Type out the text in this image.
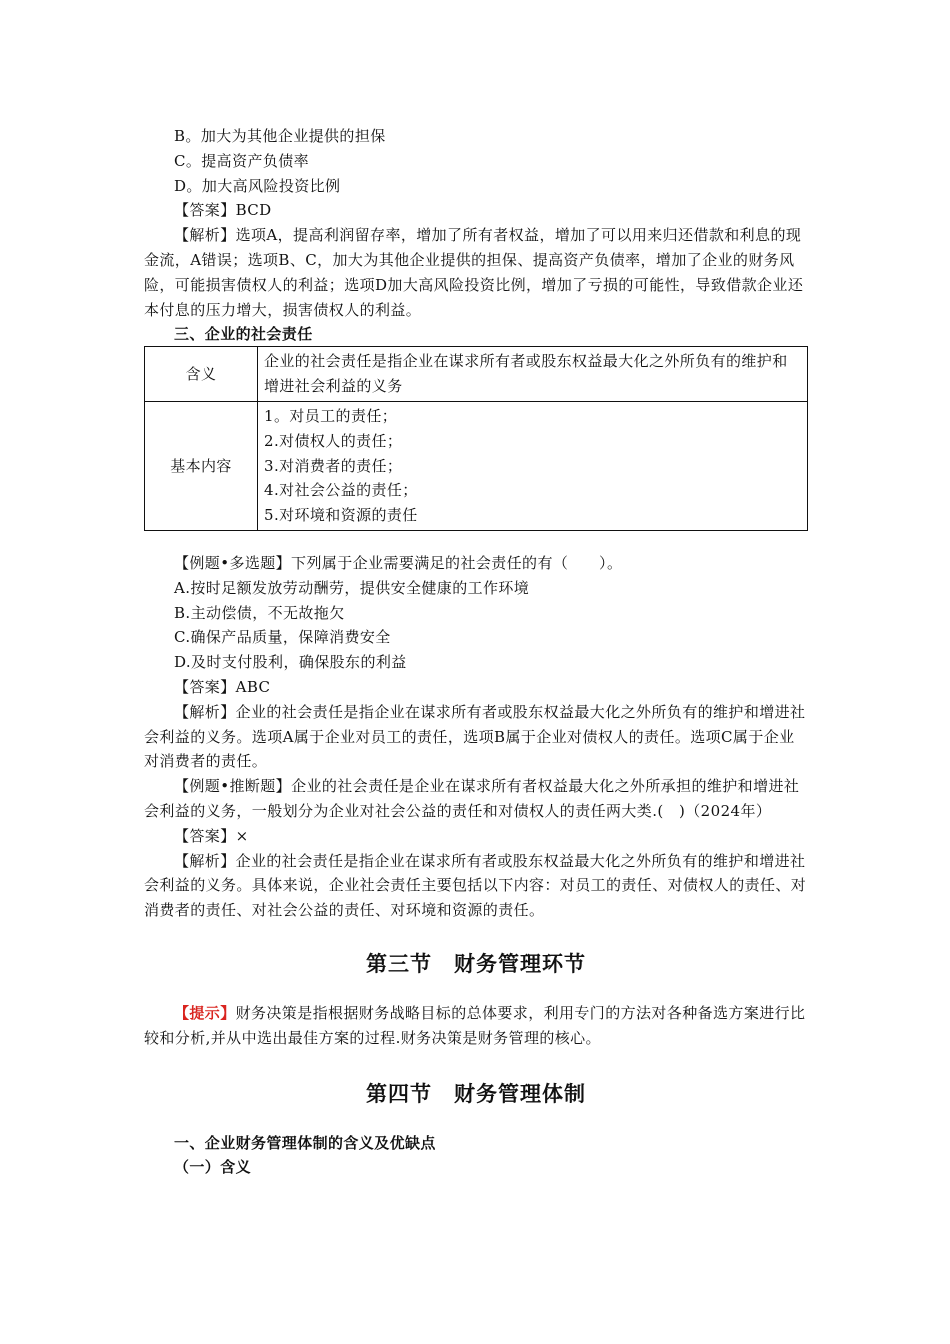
B。加大为其他企业提供的担保

C。提高资产负债率

D。加大高风险投资比例

【答案】BCD

【解析】选项A，提高利润留存率，增加了所有者权益，增加了可以用来归还借款和利息的现金流，A错误；选项B、C，加大为其他企业提供的担保、提高资产负债率，增加了企业的财务风险，可能损害债权人的利益；选项D加大高风险投资比例，增加了亏损的可能性，导致借款企业还本付息的压力增大，损害债权人的利益。

三、企业的社会责任

含义	企业的社会责任是指企业在谋求所有者或股东权益最大化之外所负有的维护和增进社会利益的义务
基本内容	1。对员工的责任；
2.对债权人的责任；
3.对消费者的责任；
4.对社会公益的责任；
5.对环境和资源的责任

【例题•多选题】下列属于企业需要满足的社会责任的有（　　）。

A.按时足额发放劳动酬劳，提供安全健康的工作环境

B.主动偿债，不无故拖欠

C.确保产品质量，保障消费安全

D.及时支付股利，确保股东的利益

【答案】ABC

【解析】企业的社会责任是指企业在谋求所有者或股东权益最大化之外所负有的维护和增进社会利益的义务。选项A属于企业对员工的责任，选项B属于企业对债权人的责任。选项C属于企业对消费者的责任。

【例题•推断题】企业的社会责任是企业在谋求所有者权益最大化之外所承担的维护和增进社会利益的义务，一般划分为企业对社会公益的责任和对债权人的责任两大类.(　)（2024年）

【答案】×

【解析】企业的社会责任是指企业在谋求所有者或股东权益最大化之外所负有的维护和增进社会利益的义务。具体来说，企业社会责任主要包括以下内容：对员工的责任、对债权人的责任、对消费者的责任、对社会公益的责任、对环境和资源的责任。

第三节　财务管理环节

【提示】财务决策是指根据财务战略目标的总体要求，利用专门的方法对各种备选方案进行比较和分析,并从中选出最佳方案的过程.财务决策是财务管理的核心。

第四节　财务管理体制

一、企业财务管理体制的含义及优缺点

（一）含义
